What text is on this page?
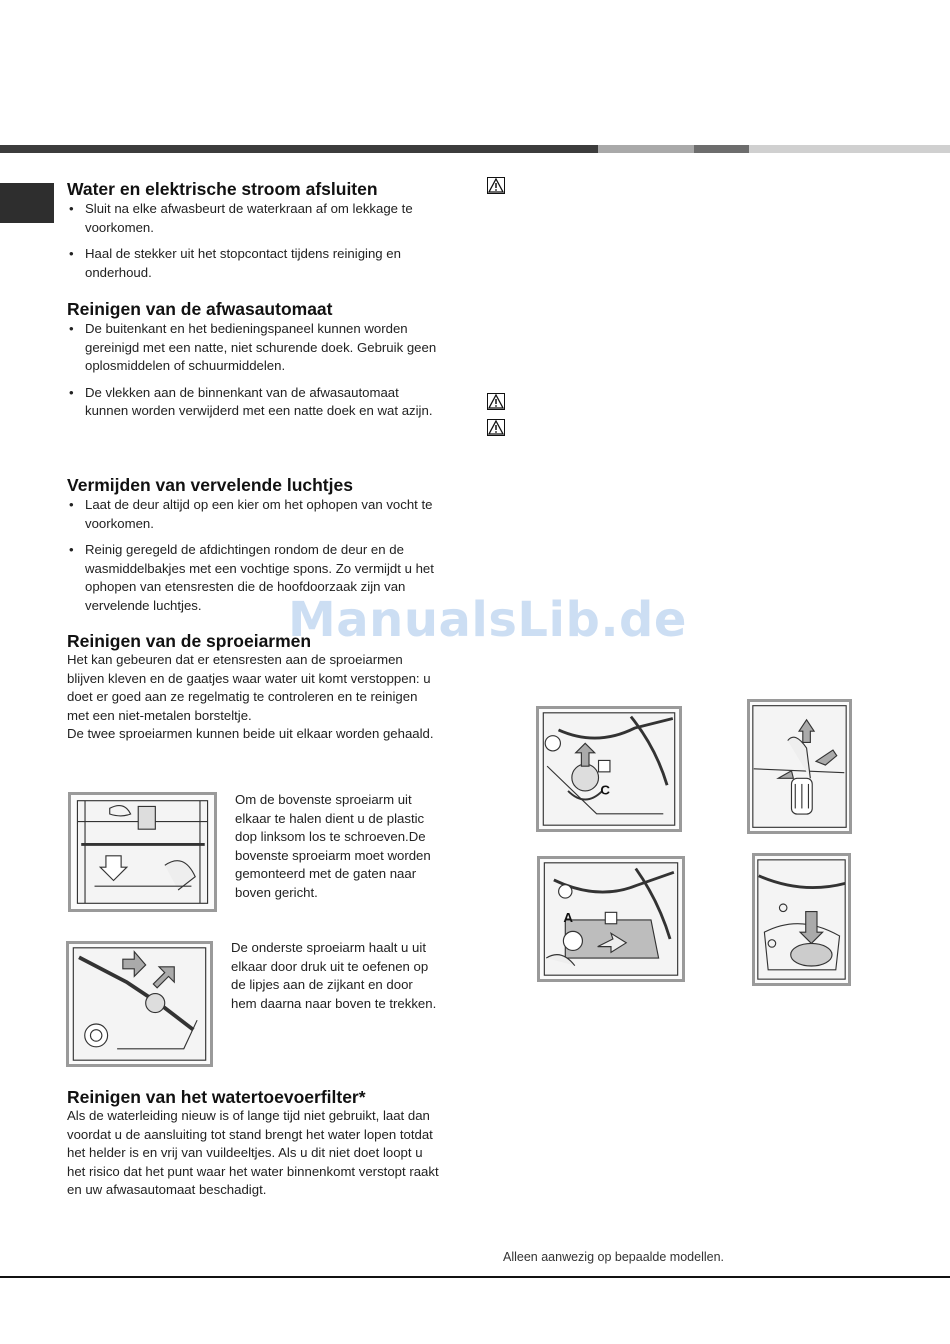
Water en elektrische stroom afsluiten
• Sluit na elke afwasbeurt de waterkraan af om lekkage te voorkomen.
• Haal de stekker uit het stopcontact tijdens reiniging en onderhoud.
Reinigen van de afwasautomaat
• De buitenkant en het bedieningspaneel kunnen worden gereinigd met een natte, niet schurende doek. Gebruik geen oplosmiddelen of schuurmiddelen.
• De vlekken aan de binnenkant van de afwasautomaat kunnen worden verwijderd met een natte doek en wat azijn.
Vermijden van vervelende luchtjes
• Laat de deur altijd op een kier om het ophopen van vocht te voorkomen.
• Reinig geregeld de afdichtingen rondom de deur en de wasmiddelbakjes met een vochtige spons. Zo vermijdt u het ophopen van etensresten die de hoofdoorzaak zijn van vervelende luchtjes.
Reinigen van de sproeiarmen

Het kan gebeuren dat er etensresten aan de sproeiarmen blijven kleven en de gaatjes waar water uit komt verstoppen: u doet er goed aan ze regelmatig te controleren en te reinigen met een niet-metalen borsteltje.

De twee sproeiarmen kunnen beide uit elkaar worden gehaald.

Om de bovenste sproeiarm uit elkaar te halen dient u de plastic dop linksom los te schroeven.De bovenste sproeiarm moet worden gemonteerd met de gaten naar boven gericht.
De onderste sproeiarm haalt u uit elkaar door druk uit te oefenen op de lipjes aan de zijkant en door hem daarna naar boven te trekken.
Reinigen van het watertoevoerfilter*

Als de waterleiding nieuw is of lange tijd niet gebruikt, laat dan voordat u de aansluiting tot stand brengt het water lopen totdat het helder is en vrij van vuildeeltjes. Als u dit niet doet loopt u het risico dat het punt waar het water binnenkomt verstopt raakt en uw afwasautomaat beschadigt.

C
A
ManualsLib.de
Alleen aanwezig op bepaalde modellen.
